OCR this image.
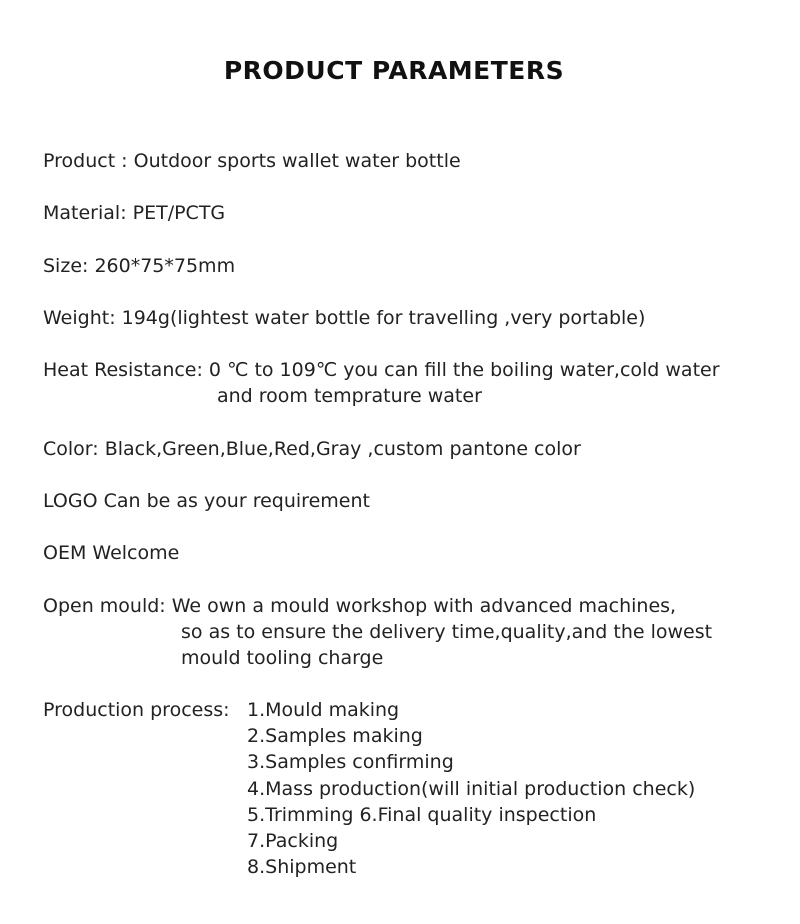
PRODUCT PARAMETERS
Product : Outdoor sports wallet water bottle
Material: PET/PCTG
Size: 260*75*75mm
Weight: 194g(lightest water bottle for travelling ,very portable)
Heat Resistance: 0 ℃ to 109℃ you can fill the boiling water,cold water
and room temprature water
Color: Black,Green,Blue,Red,Gray ,custom pantone color
LOGO Can be as your requirement
OEM Welcome
Open mould: We own a mould workshop with advanced machines,
so as to ensure the delivery time,quality,and the lowest
mould tooling charge
Production process: 1.Mould making
2.Samples making
3.Samples confirming
4.Mass production(will initial production check)
5.Trimming 6.Final quality inspection
7.Packing
8.Shipment
